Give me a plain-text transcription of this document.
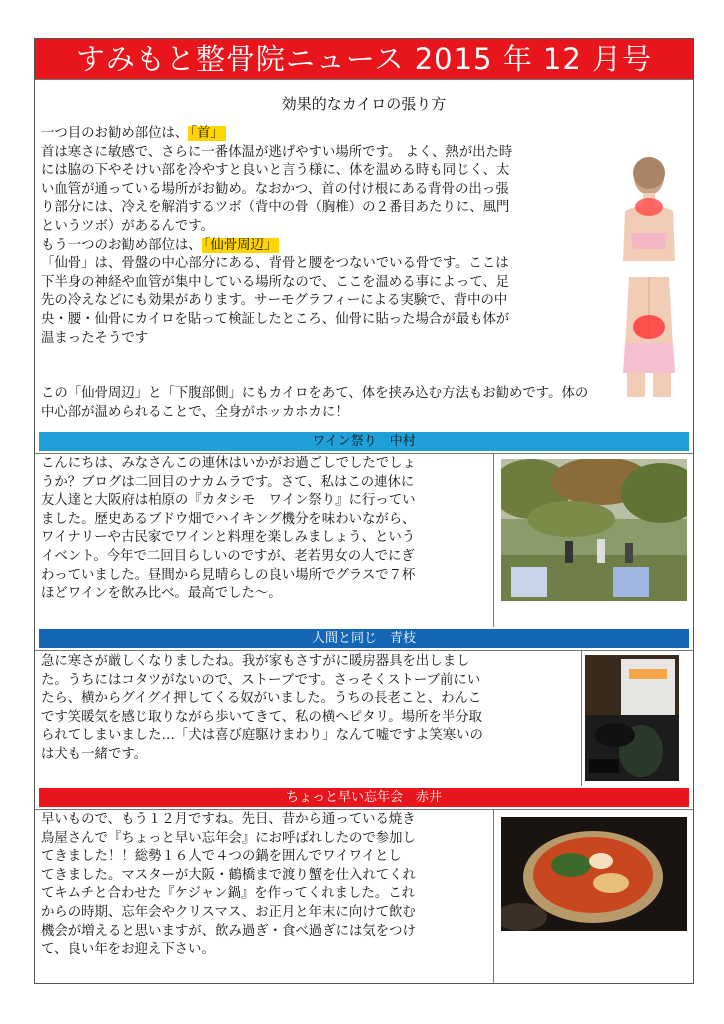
すみもと整骨院ニュース 2015 年 12 月号
効果的なカイロの張り方
一つ目のお勧め部位は、 「首」
首は寒さに敏感で、さらに一番体温が逃げやすい場所です。 よく、熱が出た時
には脇の下やそけい部を冷やすと良いと言う様に、体を温める時も同じく、太
い血管が通っている場所がお勧め。なおかつ、首の付け根にある背骨の出っ張
り部分には、冷えを解消するツボ（背中の骨（胸椎）の２番目あたりに、風門
というツボ）があるんです。
もう一つのお勧め部位は、 「仙骨周辺」
「仙骨」は、骨盤の中心部分にある、背骨と腰をつないでいる骨です。ここは
下半身の神経や血管が集中している場所なので、ここを温める事によって、足
先の冷えなどにも効果があります。サーモグラフィーによる実験で、背中の中
央・腰・仙骨にカイロを貼って検証したところ、仙骨に貼った場合が最も体が
温まったそうです
この「仙骨周辺」と「下腹部側」にもカイロをあて、体を挟み込む方法もお勧めです。体の
中心部が温められることで、全身がホッカホカに！
ワイン祭り　中村
こんにちは、みなさんこの連休はいかがお過ごしでしたでしょ
うか？ブログは二回目のナカムラです。さて、私はこの連休に
友人達と大阪府は柏原の『カタシモ　ワイン祭り』に行ってい
ました。歴史あるブドウ畑でハイキング機分を味わいながら、
ワイナリーや古民家でワインと料理を楽しみましょう、という
イベント。今年で二回目らしいのですが、老若男女の人でにぎ
わっていました。昼間から見晴らしの良い場所でグラスで７杯
ほどワインを飲み比べ。最高でした〜。
人間と同じ　青枝
急に寒さが厳しくなりましたね。我が家もさすがに暖房器具を出しまし
た。うちにはコタツがないので、ストーブです。さっそくストーブ前にい
たら、横からグイグイ押してくる奴がいました。うちの長老こと、わんこ
です笑暖気を感じ取りながら歩いてきて、私の横へピタリ。場所を半分取
られてしまいました…「犬は喜び庭駆けまわり」なんて嘘ですよ笑寒いの
は犬も一緒です。
ちょっと早い忘年会　赤井
早いもので、もう１２月ですね。先日、昔から通っている焼き
鳥屋さんで『ちょっと早い忘年会』にお呼ばれしたので参加し
てきました！！総勢１６人で４つの鍋を囲んでワイワイとし
てきました。マスターが大阪・鶴橋まで渡り蟹を仕入れてくれ
てキムチと合わせた『ケジャン鍋』を作ってくれました。これ
からの時期、忘年会やクリスマス、お正月と年末に向けて飲む
機会が増えると思いますが、飲み過ぎ・食べ過ぎには気をつけ
て、良い年をお迎え下さい。
